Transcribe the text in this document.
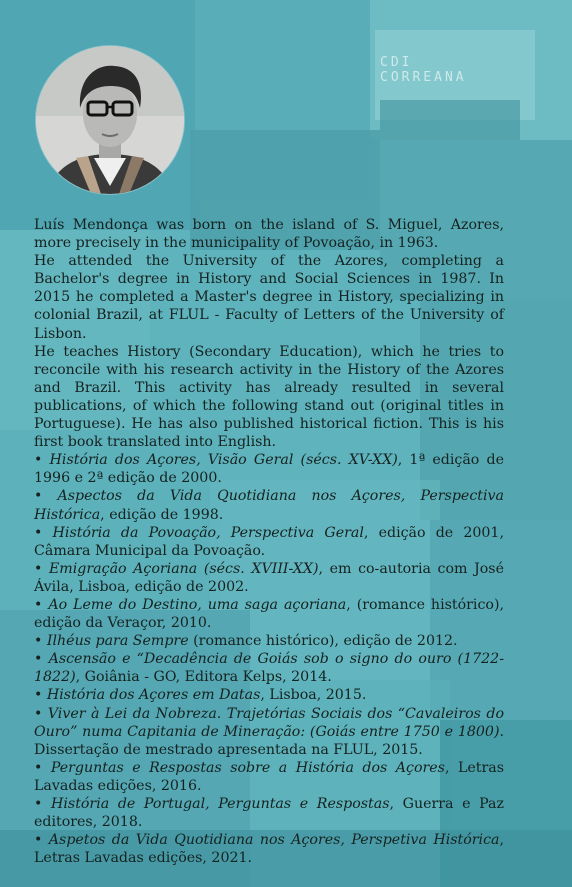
CDI CORREANA

Luís Mendonça was born on the island of S. Miguel, Azores, more precisely in the municipality of Povoação, in 1963.

He attended the University of the Azores, completing a Bachelor's degree in History and Social Sciences in 1987. In 2015 he completed a Master's degree in History, specializing in colonial Brazil, at FLUL - Faculty of Letters of the University of Lisbon.

He teaches History (Secondary Education), which he tries to reconcile with his research activity in the History of the Azores and Brazil. This activity has already resulted in several publications, of which the following stand out (original titles in Portuguese). He has also published historical fiction. This is his first book translated into English.

• História dos Açores, Visão Geral (sécs. XV-XX), 1ª edição de 1996 e 2ª edição de 2000.
• Aspectos da Vida Quotidiana nos Açores, Perspectiva Histórica, edição de 1998.
• História da Povoação, Perspectiva Geral, edição de 2001, Câmara Municipal da Povoação.
• Emigração Açoriana (sécs. XVIII-XX), em co-autoria com José Ávila, Lisboa, edição de 2002.
• Ao Leme do Destino, uma saga açoriana, (romance histórico), edição da Veraçor, 2010.
• Ilhéus para Sempre (romance histórico), edição de 2012.
• Ascensão e “Decadência de Goiás sob o signo do ouro (1722-1822), Goiânia - GO, Editora Kelps, 2014.
• História dos Açores em Datas, Lisboa, 2015.
• Viver à Lei da Nobreza. Trajetórias Sociais dos “Cavaleiros do Ouro” numa Capitania de Mineração: (Goiás entre 1750 e 1800). Dissertação de mestrado apresentada na FLUL, 2015.
• Perguntas e Respostas sobre a História dos Açores, Letras Lavadas edições, 2016.
• História de Portugal, Perguntas e Respostas, Guerra e Paz editores, 2018.
• Aspetos da Vida Quotidiana nos Açores, Perspetiva Histórica, Letras Lavadas edições, 2021.
